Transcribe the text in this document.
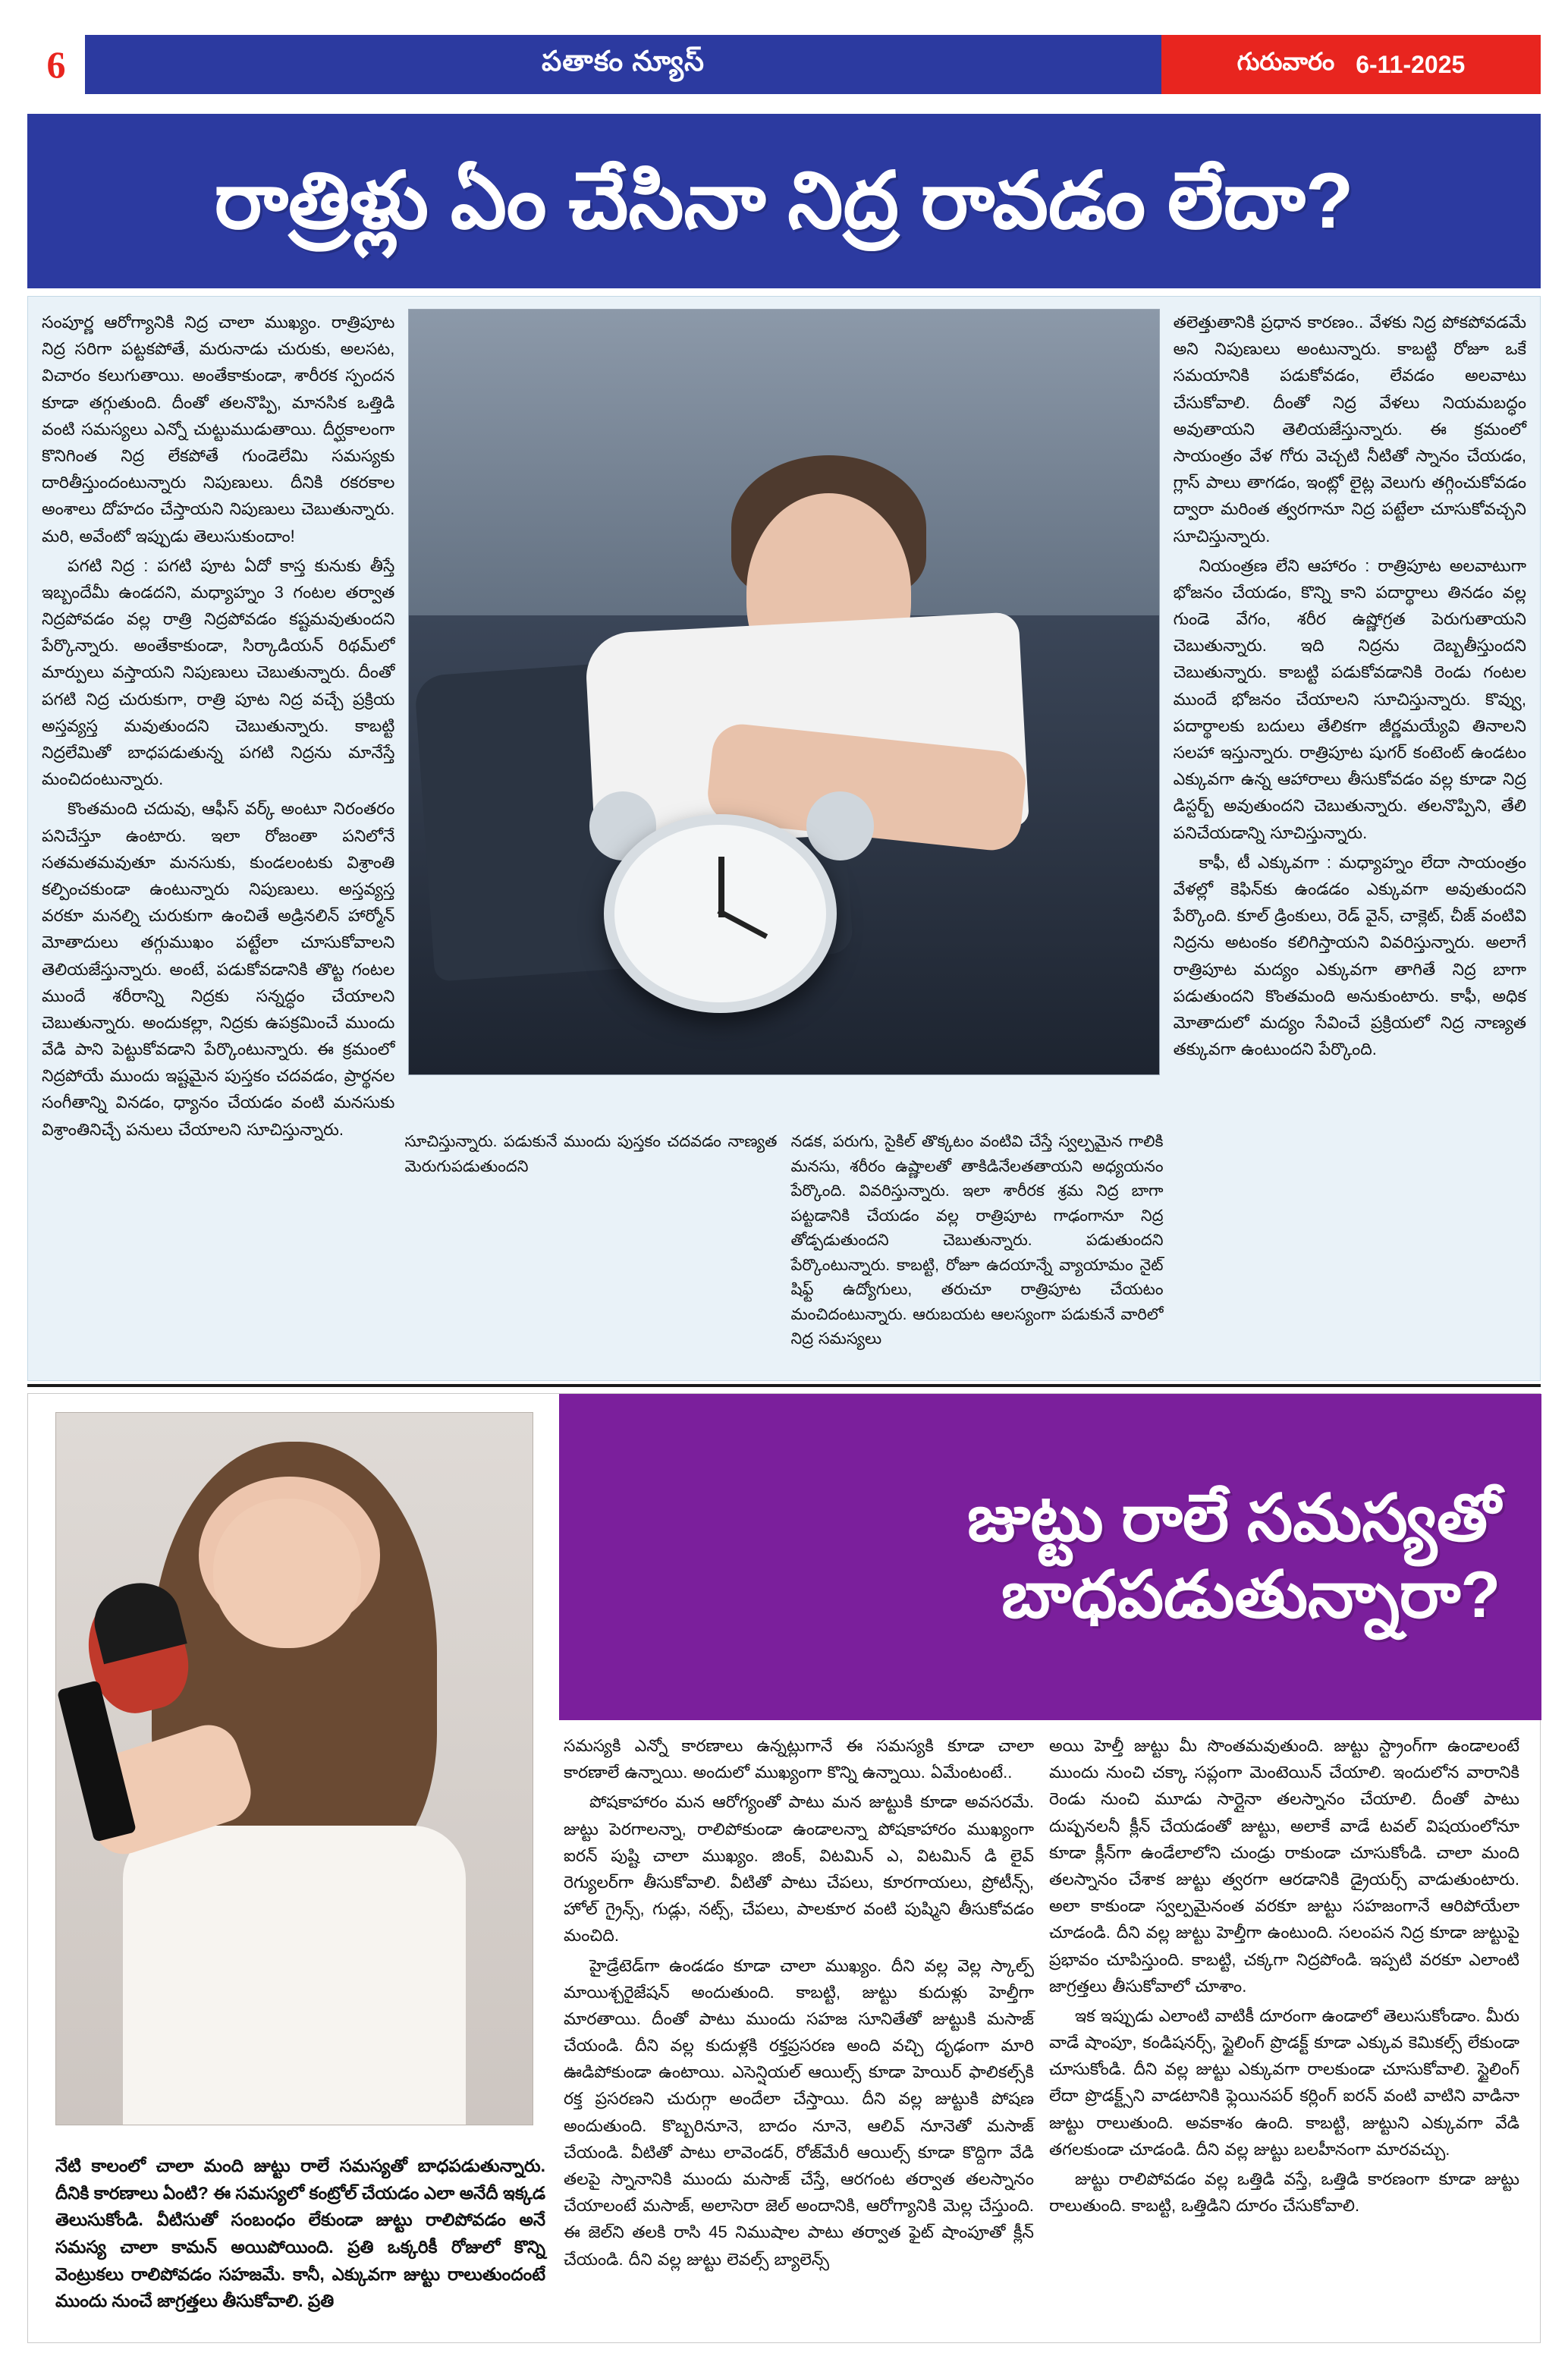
6	పతాకం న్యూస్	గురువారం 6-11-2025
రాత్రిళ్లు ఏం చేసినా నిద్ర రావడం లేదా?

సంపూర్ణ ఆరోగ్యానికి నిద్ర చాలా ముఖ్యం. రాత్రిపూట నిద్ర సరిగా పట్టకపోతే, మరునాడు చురుకు, అలసట, విచారం కలుగుతాయి. అంతేకాకుండా, శారీరక స్పందన కూడా తగ్గుతుంది. దీంతో తలనొప్పి, మానసిక ఒత్తిడి వంటి సమస్యలు ఎన్నో చుట్టుముడుతాయి. దీర్ఘకాలంగా కొనిగింత నిద్ర లేకపోతే గుండెలేమి సమస్యకు దారితీస్తుందంటున్నారు నిపుణులు. దీనికి రకరకాల అంశాలు దోహదం చేస్తాయని నిపుణులు చెబుతున్నారు. మరి, అవేంటో ఇప్పుడు తెలుసుకుందాం!

పగటి నిద్ర : పగటి పూట ఏదో కాస్త కునుకు తీస్తే ఇబ్బందేమీ ఉండదని, మధ్యాహ్నం 3 గంటల తర్వాత నిద్రపోవడం వల్ల రాత్రి నిద్రపోవడం కష్టమవుతుందని పేర్కొన్నారు. అంతేకాకుండా, సిర్కాడియన్ రిథమ్‌లో మార్పులు వస్తాయని నిపుణులు చెబుతున్నారు. దీంతో పగటి నిద్ర చురుకుగా, రాత్రి పూట నిద్ర వచ్చే ప్రక్రియ అస్తవ్యస్త మవుతుందని చెబుతున్నారు. కాబట్టి నిద్రలేమితో బాధపడుతున్న పగటి నిద్రను మానేస్తే మంచిదంటున్నారు.

కొంతమంది చదువు, ఆఫీస్ వర్క్ అంటూ నిరంతరం పనిచేస్తూ ఉంటారు. ఇలా రోజంతా పనిలోనే సతమతమవుతూ మనసుకు, కుండలంటకు విశ్రాంతి కల్పించకుండా ఉంటున్నారు నిపుణులు. అస్తవ్యస్త వరకూ మనల్ని చురుకుగా ఉంచితే అడ్రినలిన్ హార్మోన్ మోతాదులు తగ్గుముఖం పట్టేలా చూసుకోవాలని తెలియజేస్తున్నారు. అంటే, పడుకోవడానికి తొట్ట గంటల ముందే శరీరాన్ని నిద్రకు సన్నద్ధం చేయాలని చెబుతున్నారు. అందుకల్లా, నిద్రకు ఉపక్రమించే ముందు వేడి పాని పెట్టుకోవడాని పేర్కొంటున్నారు. ఈ క్రమంలో నిద్రపోయే ముందు ఇష్టమైన పుస్తకం చదవడం, ప్రార్థనల సంగీతాన్ని వినడం, ధ్యానం చేయడం వంటి మనసుకు విశ్రాంతినిచ్చే పనులు చేయాలని సూచిస్తున్నారు.

తలెత్తుతానికి ప్రధాన కారణం.. వేళకు నిద్ర పోకపోవడమే అని నిపుణులు అంటున్నారు. కాబట్టి రోజూ ఒకే సమయానికి పడుకోవడం, లేవడం అలవాటు చేసుకోవాలి. దీంతో నిద్ర వేళలు నియమబద్ధం అవుతాయని తెలియజేస్తున్నారు. ఈ క్రమంలో సాయంత్రం వేళ గోరు వెచ్చటి నీటితో స్నానం చేయడం, గ్లాస్ పాలు తాగడం, ఇంట్లో లైట్ల వెలుగు తగ్గించుకోవడం ద్వారా మరింత త్వరగానూ నిద్ర పట్టేలా చూసుకోవచ్చని సూచిస్తున్నారు.

నియంత్రణ లేని ఆహారం : రాత్రిపూట అలవాటుగా భోజనం చేయడం, కొన్ని కాని పదార్థాలు తినడం వల్ల గుండె వేగం, శరీర ఉష్ణోగ్రత పెరుగుతాయని చెబుతున్నారు. ఇది నిద్రను దెబ్బతీస్తుందని చెబుతున్నారు. కాబట్టి పడుకోవడానికి రెండు గంటల ముందే భోజనం చేయాలని సూచిస్తున్నారు. కొవ్వు, పదార్థాలకు బదులు తేలికగా జీర్ణమయ్యేవి తినాలని సలహా ఇస్తున్నారు. రాత్రిపూట షుగర్ కంటెంట్ ఉండటం ఎక్కువగా ఉన్న ఆహారాలు తీసుకోవడం వల్ల కూడా నిద్ర డిస్టర్బ్ అవుతుందని చెబుతున్నారు. తలనొప్పిని, తేలి పనిచేయడాన్ని సూచిస్తున్నారు.

కాఫీ, టీ ఎక్కువగా : మధ్యాహ్నం లేదా సాయంత్రం వేళల్లో కెఫిన్‌కు ఉండడం ఎక్కువగా అవుతుందని పేర్కొంది. కూల్ డ్రింకులు, రెడ్ వైన్, చాక్లెట్, చీజ్ వంటివి నిద్రను అటంకం కలిగిస్తాయని వివరిస్తున్నారు. అలాగే రాత్రిపూట మద్యం ఎక్కువగా తాగితే నిద్ర బాగా పడుతుందని కొంతమంది అనుకుంటారు. కాఫీ, అధిక మోతాదులో మద్యం సేవించే ప్రక్రియలో నిద్ర నాణ్యత తక్కువగా ఉంటుందని పేర్కొంది.

సూచిస్తున్నారు. పడుకునే ముందు పుస్తకం చదవడం నాణ్యత మెరుగుపడుతుందని

నడక, పరుగు, సైకిల్ తొక్కటం వంటివి చేస్తే స్వల్పమైన గాలికి మనసు, శరీరం ఉష్ణాలతో తాకిడినేలతతాయని అధ్యయనం పేర్కొంది. వివరిస్తున్నారు. ఇలా శారీరక శ్రమ నిద్ర బాగా పట్టడానికి చేయడం వల్ల రాత్రిపూట గాఢంగానూ నిద్ర తోడ్పడుతుందని చెబుతున్నారు. పడుతుందని పేర్కొంటున్నారు. కాబట్టి, రోజూ ఉదయాన్నే వ్యాయామం నైట్ షిఫ్ట్ ఉద్యోగులు, తరుచూ రాత్రిపూట చేయటం మంచిదంటున్నారు. ఆరుబయట ఆలస్యంగా పడుకునే వారిలో నిద్ర సమస్యలు

జుట్టు రాలే సమస్యతో
బాధపడుతున్నారా?
నేటి కాలంలో చాలా మంది జుట్టు రాలే సమస్యతో బాధపడుతున్నారు. దీనికి కారణాలు ఏంటి? ఈ సమస్యలో కంట్రోల్ చేయడం ఎలా అనేదీ ఇక్కడ తెలుసుకోండి. వీటిసుతో సంబంధం లేకుండా జుట్టు రాలిపోవడం అనే సమస్య చాలా కామన్ అయిపోయింది. ప్రతి ఒక్కరికీ రోజులో కొన్ని వెంట్రుకలు రాలిపోవడం సహజమే. కానీ, ఎక్కువగా జుట్టు రాలుతుందంటే ముందు నుంచే జాగ్రత్తలు తీసుకోవాలి. ప్రతి

సమస్యకి ఎన్నో కారణాలు ఉన్నట్లుగానే ఈ సమస్యకి కూడా చాలా కారణాలే ఉన్నాయి. అందులో ముఖ్యంగా కొన్ని ఉన్నాయి. ఏమేంటంటే..

పోషకాహారం మన ఆరోగ్యంతో పాటు మన జుట్టుకి కూడా అవసరమే. జుట్టు పెరగాలన్నా, రాలిపోకుండా ఉండాలన్నా పోషకాహారం ముఖ్యంగా ఐరన్ పుష్టి చాలా ముఖ్యం. జింక్, విటమిన్ ఎ, విటమిన్ డి లైవ్ రెగ్యులర్‌గా తీసుకోవాలి. వీటితో పాటు చేపలు, కూరగాయలు, ప్రోటీన్స్, హోల్ గ్రైన్స్, గుడ్లు, నట్స్, చేపలు, పాలకూర వంటి పుష్మిని తీసుకోవడం మంచిది.

హైడ్రేటెడ్‌గా ఉండడం కూడా చాలా ముఖ్యం. దీని వల్ల వెల్ల స్కాల్ప్ మాయిశ్చరైజేషన్ అందుతుంది. కాబట్టి, జుట్టు కుదుళ్లు హెల్తీగా మారతాయి. దీంతో పాటు ముందు సహజ సూనితేతో జుట్టుకి మసాజ్ చేయండి. దీని వల్ల కుదుళ్లకి రక్తప్రసరణ అంది వచ్చి దృఢంగా మారి ఊడిపోకుండా ఉంటాయి. ఎసెన్షియల్ ఆయిల్స్ కూడా హెయిర్ ఫాలికల్స్‌కి రక్త ప్రసరణని చురుగ్గా అందేలా చేస్తాయి. దీని వల్ల జుట్టుకి పోషణ అందుతుంది. కొబ్బరినూనె, బాదం నూనె, ఆలివ్ నూనెతో మసాజ్ చేయండి. వీటితో పాటు లావెండర్, రోజ్‌మేరీ ఆయిల్స్ కూడా కొద్దిగా వేడి తలపై స్నానానికి ముందు మసాజ్ చేస్తే, ఆరగంట తర్వాత తలస్నానం చేయాలంటే మసాజ్, అలాసెరా జెల్ అందానికి, ఆరోగ్యానికి మెల్ల చేస్తుంది. ఈ జెల్‌ని తలకి రాసి 45 నిముషాల పాటు తర్వాత ఫైట్ షాంపూతో క్లీన్ చేయండి. దీని వల్ల జుట్టు లెవల్స్ బ్యాలెన్స్

అయి హెల్తీ జుట్టు మీ సొంతమవుతుంది. జుట్టు స్ట్రాంగ్‌గా ఉండాలంటే ముందు నుంచి చక్కా సప్లంగా మెంటెయిన్ చేయాలి. ఇందులోన వారానికి రెండు నుంచి మూడు సార్లైనా తలస్నానం చేయాలి. దీంతో పాటు దుష్పనలనీ క్లీన్ చేయడంతో జుట్టు, అలాకే వాడే టవల్ విషయంలోనూ కూడా క్లీన్‌గా ఉండేలాలోని చుండ్రు రాకుండా చూసుకోండి. చాలా మంది తలస్నానం చేశాక జుట్టు త్వరగా ఆరడానికి డ్రైయర్స్ వాడుతుంటారు. అలా కాకుండా స్వల్పమైనంత వరకూ జుట్టు సహజంగానే ఆరిపోయేలా చూడండి. దీని వల్ల జుట్టు హెల్తీగా ఉంటుంది. సలంపన నిద్ర కూడా జుట్టుపై ప్రభావం చూపిస్తుంది. కాబట్టి, చక్కగా నిద్రపోండి. ఇప్పటి వరకూ ఎలాంటి జాగ్రత్తలు తీసుకోవాలో చూశాం.

ఇక ఇప్పుడు ఎలాంటి వాటికీ దూరంగా ఉండాలో తెలుసుకోండాం. మీరు వాడే షాంపూ, కండిషనర్స్, స్టైలింగ్ ప్రొడక్ట్ కూడా ఎక్కువ కెమికల్స్ లేకుండా చూసుకోండి. దీని వల్ల జుట్టు ఎక్కువగా రాలకుండా చూసుకోవాలి. స్టైలింగ్ లేదా ప్రొడక్ట్స్‌ని వాడటానికి ఫ్లెయినపర్ కర్లింగ్ ఐరన్ వంటి వాటిని వాడినా జుట్టు రాలుతుంది. అవకాశం ఉంది. కాబట్టి, జుట్టుని ఎక్కువగా వేడి తగలకుండా చూడండి. దీని వల్ల జుట్టు బలహీనంగా మారవచ్చు.

జుట్టు రాలిపోవడం వల్ల ఒత్తిడి వస్తే, ఒత్తిడి కారణంగా కూడా జుట్టు రాలుతుంది. కాబట్టి, ఒత్తిడిని దూరం చేసుకోవాలి.
